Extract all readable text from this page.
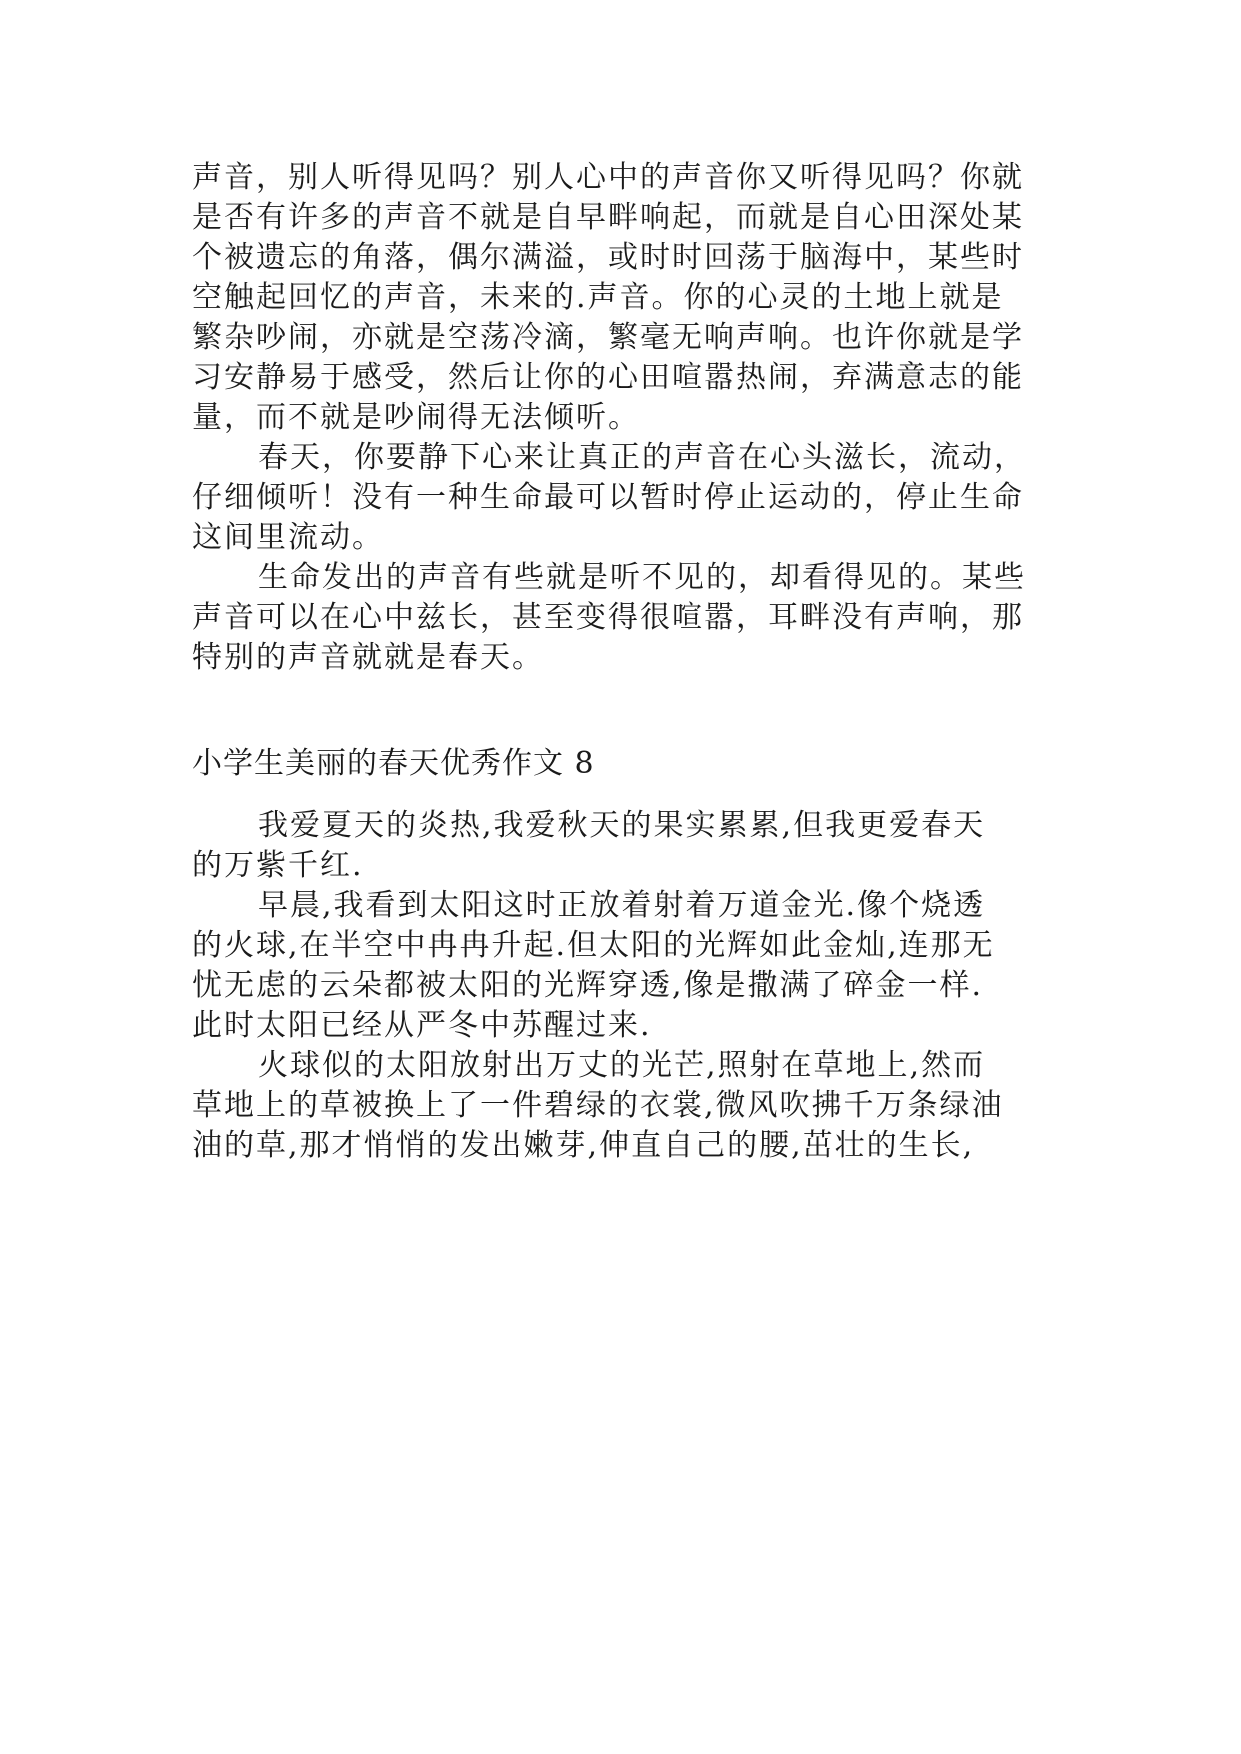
声音，别人听得见吗？别人心中的声音你又听得见吗？你就
是否有许多的声音不就是自早畔响起，而就是自心田深处某
个被遗忘的角落，偶尔满溢，或时时回荡于脑海中，某些时
空触起回忆的声音，未来的.声音。你的心灵的土地上就是
繁杂吵闹，亦就是空荡冷滴，繁毫无响声响。也许你就是学
习安静易于感受，然后让你的心田喧嚣热闹，弃满意志的能
量，而不就是吵闹得无法倾听。
春天，你要静下心来让真正的声音在心头滋长，流动，
仔细倾听！没有一种生命最可以暂时停止运动的，停止生命
这间里流动。
生命发出的声音有些就是听不见的，却看得见的。某些
声音可以在心中兹长，甚至变得很喧嚣，耳畔没有声响，那
特别的声音就就是春天。
小学生美丽的春天优秀作文 8
我爱夏天的炎热,我爱秋天的果实累累,但我更爱春天
的万紫千红.
早晨,我看到太阳这时正放着射着万道金光.像个烧透
的火球,在半空中冉冉升起.但太阳的光辉如此金灿,连那无
忧无虑的云朵都被太阳的光辉穿透,像是撒满了碎金一样.
此时太阳已经从严冬中苏醒过来.
火球似的太阳放射出万丈的光芒,照射在草地上,然而
草地上的草被换上了一件碧绿的衣裳,微风吹拂千万条绿油
油的草,那才悄悄的发出嫩芽,伸直自己的腰,茁壮的生长,
